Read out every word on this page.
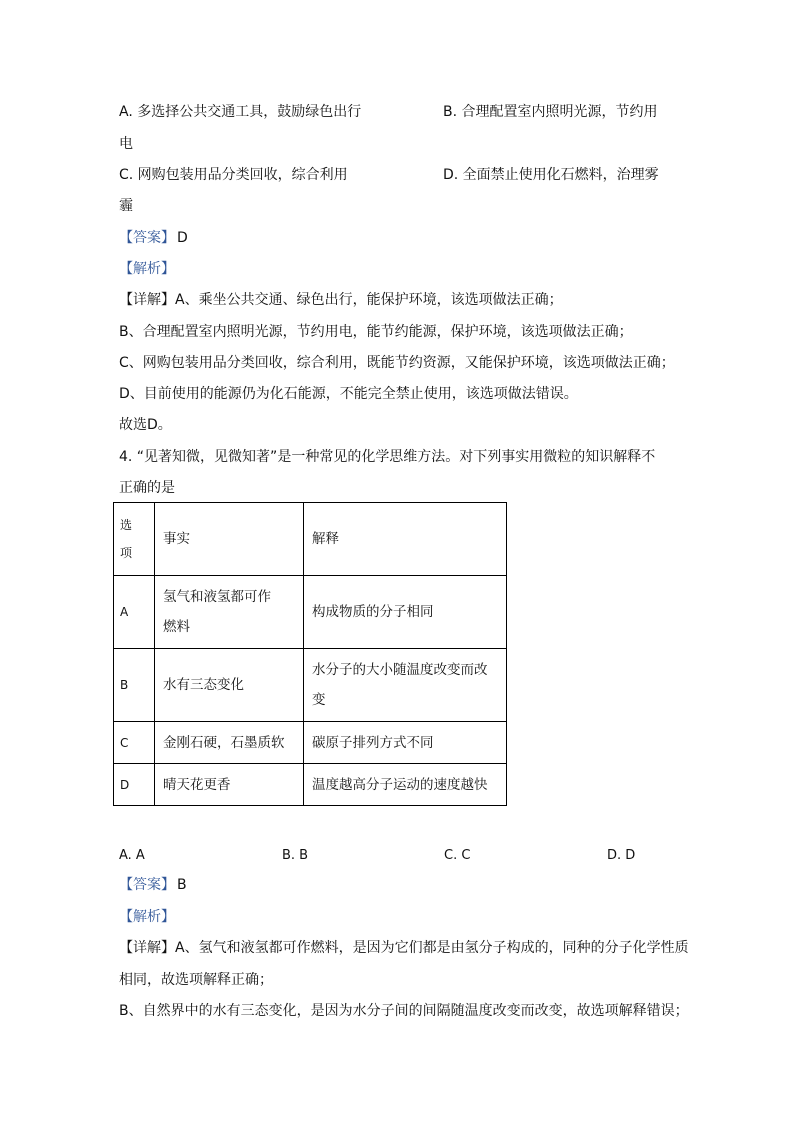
A. 多选择公共交通工具，鼓励绿色出行	B. 合理配置室内照明光源，节约用
电
C. 网购包装用品分类回收，综合利用	D. 全面禁止使用化石燃料，治理雾
霾
【答案】 D
【解析】
【详解】A、乘坐公共交通、绿色出行，能保护环境，该选项做法正确；
B、合理配置室内照明光源，节约用电，能节约能源，保护环境，该选项做法正确；
C、网购包装用品分类回收，综合利用，既能节约资源，又能保护环境，该选项做法正确；
D、目前使用的能源仍为化石能源，不能完全禁止使用，该选项做法错误。
故选D。
4. “见著知微，见微知著”是一种常见的化学思维方法。对下列事实用微粒的知识解释不
正确的是
选项	事实	解释
A	氢气和液氢都可作燃料	构成物质的分子相同
B	水有三态变化	水分子的大小随温度改变而改变
C	金刚石硬，石墨质软	碳原子排列方式不同
D	晴天花更香	温度越高分子运动的速度越快
A. A	B. B	C. C	D. D
【答案】 B
【解析】
【详解】A、氢气和液氢都可作燃料，是因为它们都是由氢分子构成的，同种的分子化学性质
相同，故选项解释正确；
B、自然界中的水有三态变化，是因为水分子间的间隔随温度改变而改变，故选项解释错误；
